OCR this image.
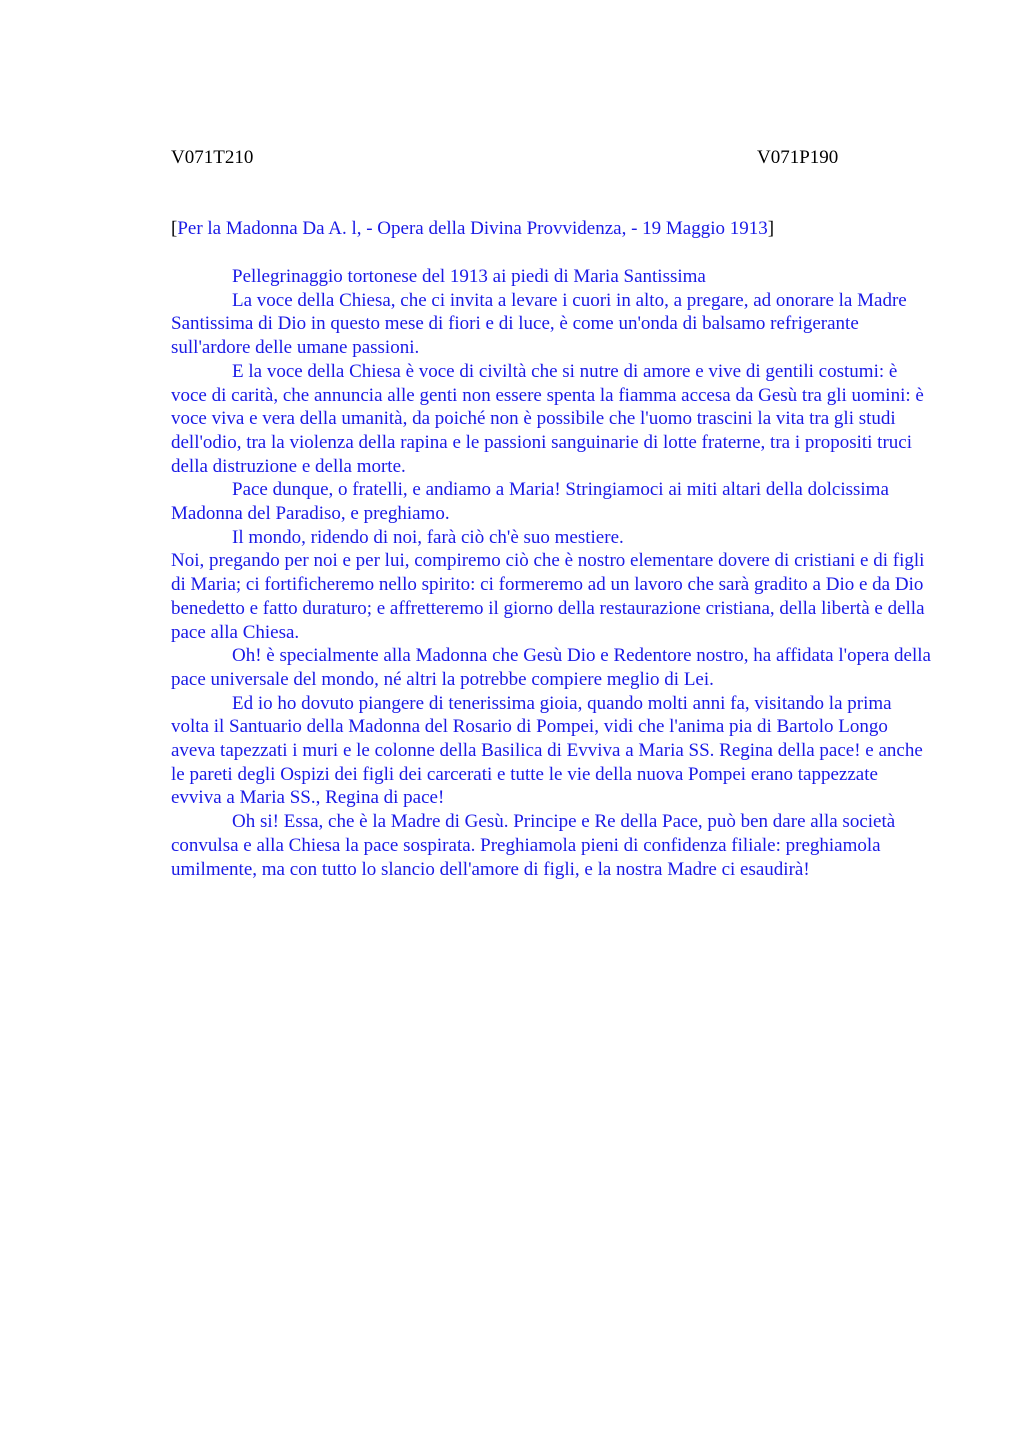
V071T210	V071P190
[Per la Madonna Da A. l, - Opera della Divina Provvidenza, - 19 Maggio 1913]

Pellegrinaggio tortonese del 1913 ai piedi di Maria Santissima

La voce della Chiesa, che ci invita a levare i cuori in alto, a pregare, ad onorare la Madre Santissima di Dio in questo mese di fiori e di luce, è come un'onda di balsamo refrigerante sull'ardore delle umane passioni.

E la voce della Chiesa è voce di civiltà che si nutre di amore e vive di gentili costumi: è voce di carità, che annuncia alle genti non essere spenta la fiamma accesa da Gesù tra gli uomini: è voce viva e vera della umanità, da poiché non è possibile che l'uomo trascini la vita tra gli studi dell'odio, tra la violenza della rapina e le passioni sanguinarie di lotte fraterne, tra i propositi truci della distruzione e della morte.

Pace dunque, o fratelli, e andiamo a Maria! Stringiamoci ai miti altari della dolcissima Madonna del Paradiso, e preghiamo.

Il mondo, ridendo di noi, farà ciò ch'è suo mestiere.

Noi, pregando per noi e per lui, compiremo ciò che è nostro elementare dovere di cristiani e di figli di Maria; ci fortificheremo nello spirito: ci formeremo ad un lavoro che sarà gradito a Dio e da Dio benedetto e fatto duraturo; e affretteremo il giorno della restaurazione cristiana, della libertà e della pace alla Chiesa.

Oh! è specialmente alla Madonna che Gesù Dio e Redentore nostro, ha affidata l'opera della pace universale del mondo, né altri la potrebbe compiere meglio di Lei.

Ed io ho dovuto piangere di tenerissima gioia, quando molti anni fa, visitando la prima volta il Santuario della Madonna del Rosario di Pompei, vidi che l'anima pia di Bartolo Longo aveva tapezzati i muri e le colonne della Basilica di Evviva a Maria SS. Regina della pace! e anche le pareti degli Ospizi dei figli dei carcerati e tutte le vie della nuova Pompei erano tappezzate evviva a Maria SS., Regina di pace!

Oh si! Essa, che è la Madre di Gesù. Principe e Re della Pace, può ben dare alla società convulsa e alla Chiesa la pace sospirata. Preghiamola pieni di confidenza filiale: preghiamola umilmente, ma con tutto lo slancio dell'amore di figli, e la nostra Madre ci esaudirà!
